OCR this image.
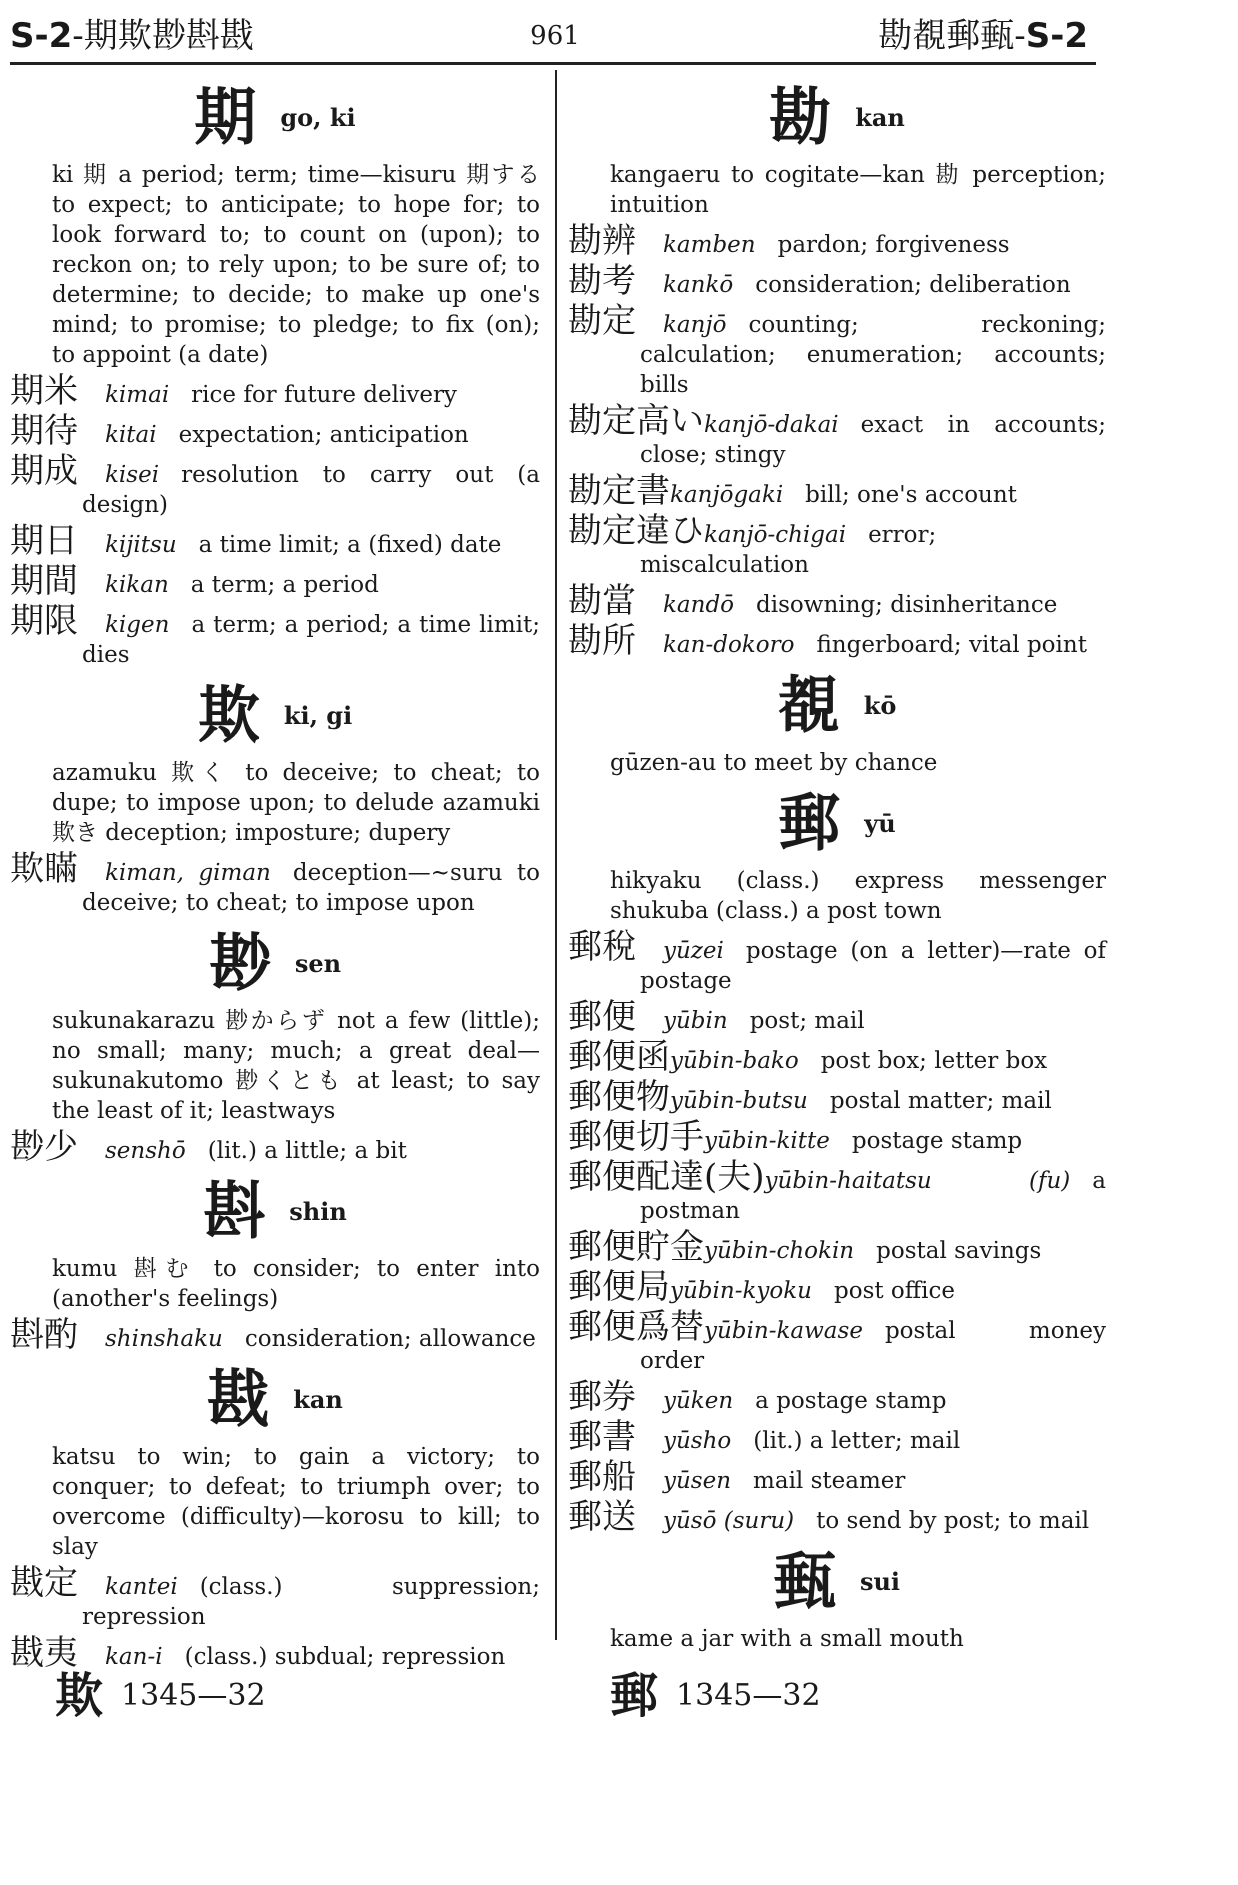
S-2-期欺尠斟戡	961	勘覩郵甀-S-2
期 go, ki

ki 期 a period; term; time—kisuru 期する to expect; to anticipate; to hope for; to look forward to; to count on (upon); to reckon on; to rely upon; to be sure of; to determine; to decide; to make up one's mind; to promise; to pledge; to fix (on); to appoint (a date)

期米 kimai rice for future delivery

期待 kitai expectation; anticipation

期成 kisei resolution to carry out (a design)

期日 kijitsu a time limit; a (fixed) date

期間 kikan a term; a period

期限 kigen a term; a period; a time limit; dies

欺 ki, gi

azamuku 欺く to deceive; to cheat; to dupe; to impose upon; to delude azamuki 欺き deception; imposture; dupery

欺瞞 kiman, giman deception—~suru to deceive; to cheat; to impose upon

尠 sen

sukunakarazu 尠からず not a few (little); no small; many; much; a great deal—sukunakutomo 尠くとも at least; to say the least of it; leastways

尠少 senshō (lit.) a little; a bit

斟 shin

kumu 斟む to consider; to enter into (another's feelings)

斟酌 shinshaku consideration; allowance

戡 kan

katsu to win; to gain a victory; to conquer; to defeat; to triumph over; to overcome (difficulty)—korosu to kill; to slay

戡定 kantei (class.) suppression; repression

戡夷 kan-i (class.) subdual; repression

勘 kan

kangaeru to cogitate—kan 勘 perception; intuition

勘辨 kamben pardon; forgiveness

勘考 kankō consideration; deliberation

勘定 kanjō counting; reckoning; calculation; enumeration; accounts; bills

勘定高いkanjō-dakai exact in accounts; close; stingy

勘定書kanjōgaki bill; one's account

勘定違ひkanjō-chigai error; miscalculation

勘當 kandō disowning; disinheritance

勘所 kan-dokoro fingerboard; vital point

覩 kō

gūzen-au to meet by chance

郵 yū

hikyaku (class.) express messenger shukuba (class.) a post town

郵稅 yūzei postage (on a letter)—rate of postage

郵便 yūbin post; mail

郵便函yūbin-bako post box; letter box

郵便物yūbin-butsu postal matter; mail

郵便切手yūbin-kitte postage stamp

郵便配達(夫)yūbin-haitatsu (fu) a postman

郵便貯金yūbin-chokin postal savings

郵便局yūbin-kyoku post office

郵便爲替yūbin-kawase postal money order

郵券 yūken a postage stamp

郵書 yūsho (lit.) a letter; mail

郵船 yūsen mail steamer

郵送 yūsō (suru) to send by post; to mail

甀 sui

kame a jar with a small mouth

欺 1345—32	郵 1345—32
